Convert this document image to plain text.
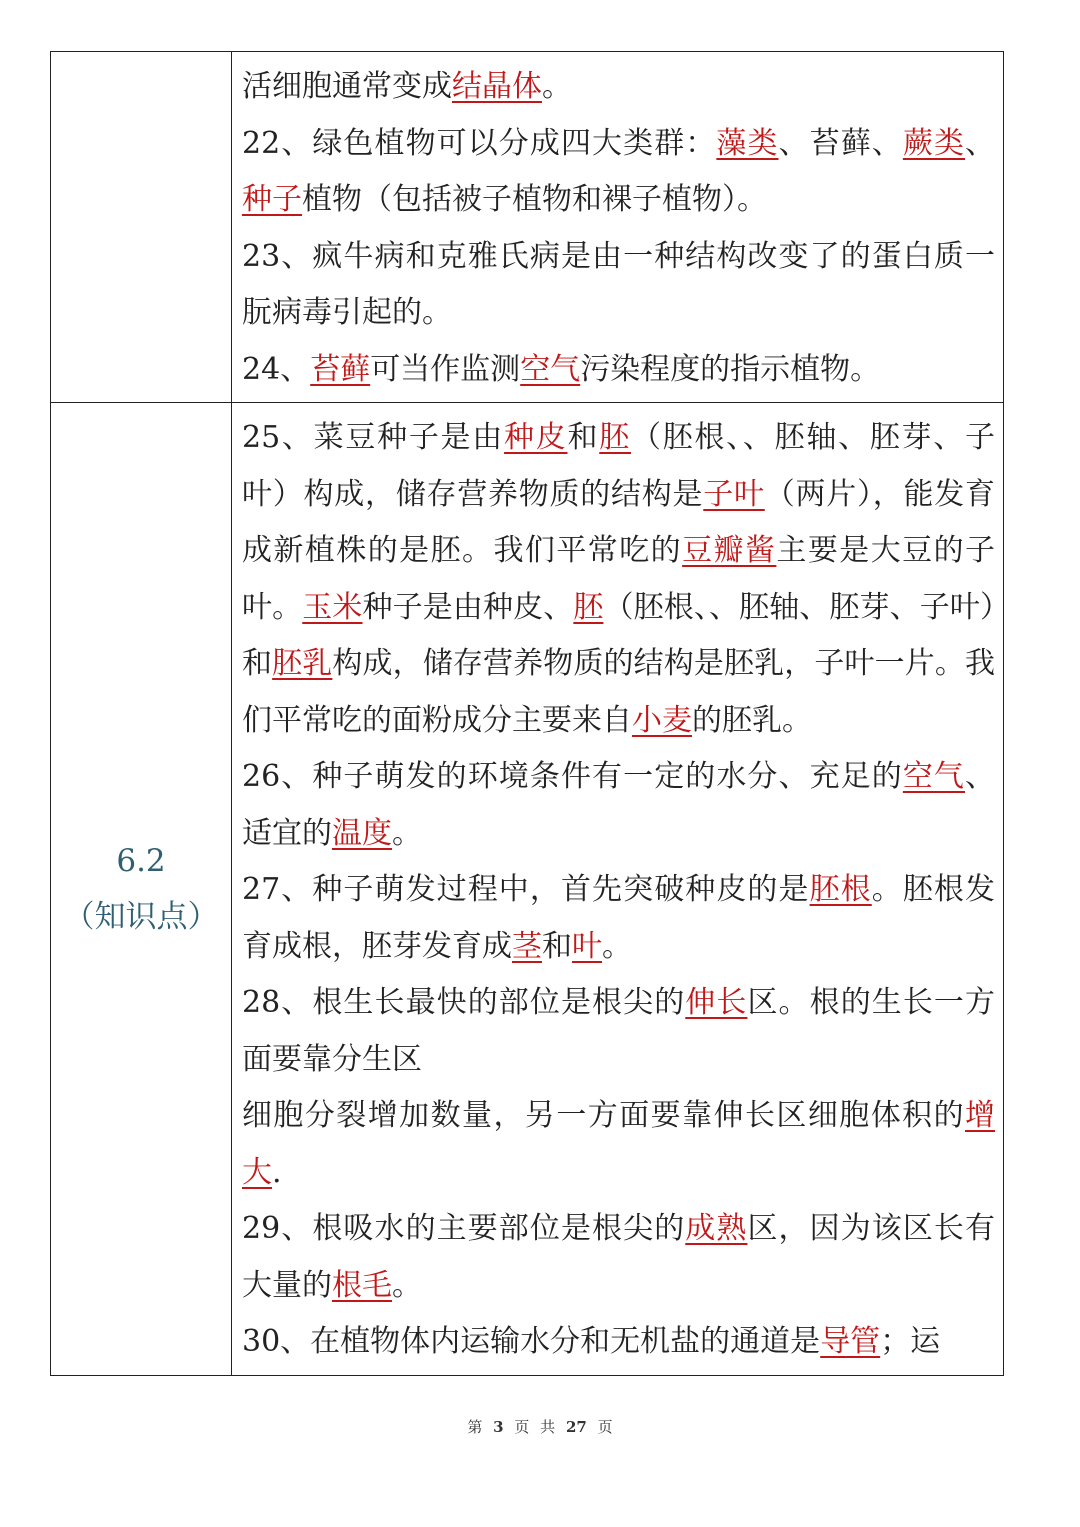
活细胞通常变成结晶体。

22、绿色植物可以分成四大类群：藻类、苔藓、蕨类、种子植物（包括被子植物和裸子植物）。

23、疯牛病和克雅氏病是由一种结构改变了的蛋白质一朊病毒引起的。

24、苔藓可当作监测空气污染程度的指示植物。

6.2
（知识点）

25、菜豆种子是由种皮和胚（胚根、、胚轴、胚芽、子叶）构成，储存营养物质的结构是子叶（两片），能发育成新植株的是胚。我们平常吃的豆瓣酱主要是大豆的子叶。玉米种子是由种皮、胚（胚根、、胚轴、胚芽、子叶）和胚乳构成，储存营养物质的结构是胚乳，子叶一片。我们平常吃的面粉成分主要来自小麦的胚乳。

26、种子萌发的环境条件有一定的水分、充足的空气、适宜的温度。

27、种子萌发过程中，首先突破种皮的是胚根。胚根发育成根，胚芽发育成茎和叶。

28、根生长最快的部位是根尖的伸长区。根的生长一方面要靠分生区

细胞分裂增加数量，另一方面要靠伸长区细胞体积的增大.

29、根吸水的主要部位是根尖的成熟区，因为该区长有大量的根毛。

30、在植物体内运输水分和无机盐的通道是导管；运

第 3 页 共 27 页
